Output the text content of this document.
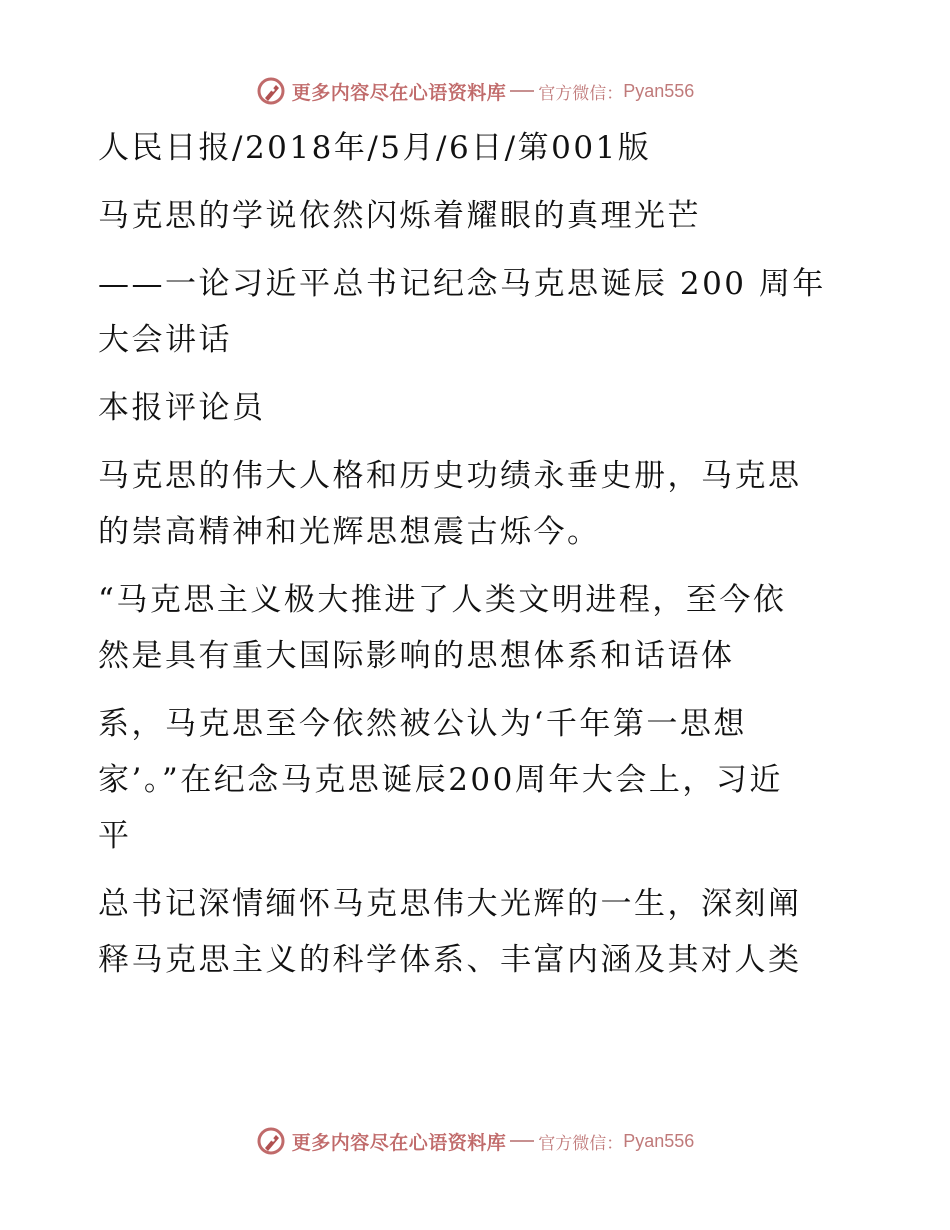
更多内容尽在心语资料库 官方微信： Pyan556
人民日报/2018年/5月/6日/第001版
马克思的学说依然闪烁着耀眼的真理光芒
——一论习近平总书记纪念马克思诞辰 200 周年
大会讲话
本报评论员
马克思的伟大人格和历史功绩永垂史册，马克思
的崇高精神和光辉思想震古烁今。
“马克思主义极大推进了人类文明进程，至今依
然是具有重大国际影响的思想体系和话语体
系，马克思至今依然被公认为‘千年第一思想
家’。”在纪念马克思诞辰200周年大会上，习近
平
总书记深情缅怀马克思伟大光辉的一生，深刻阐
释马克思主义的科学体系、丰富内涵及其对人类
更多内容尽在心语资料库 官方微信： Pyan556
